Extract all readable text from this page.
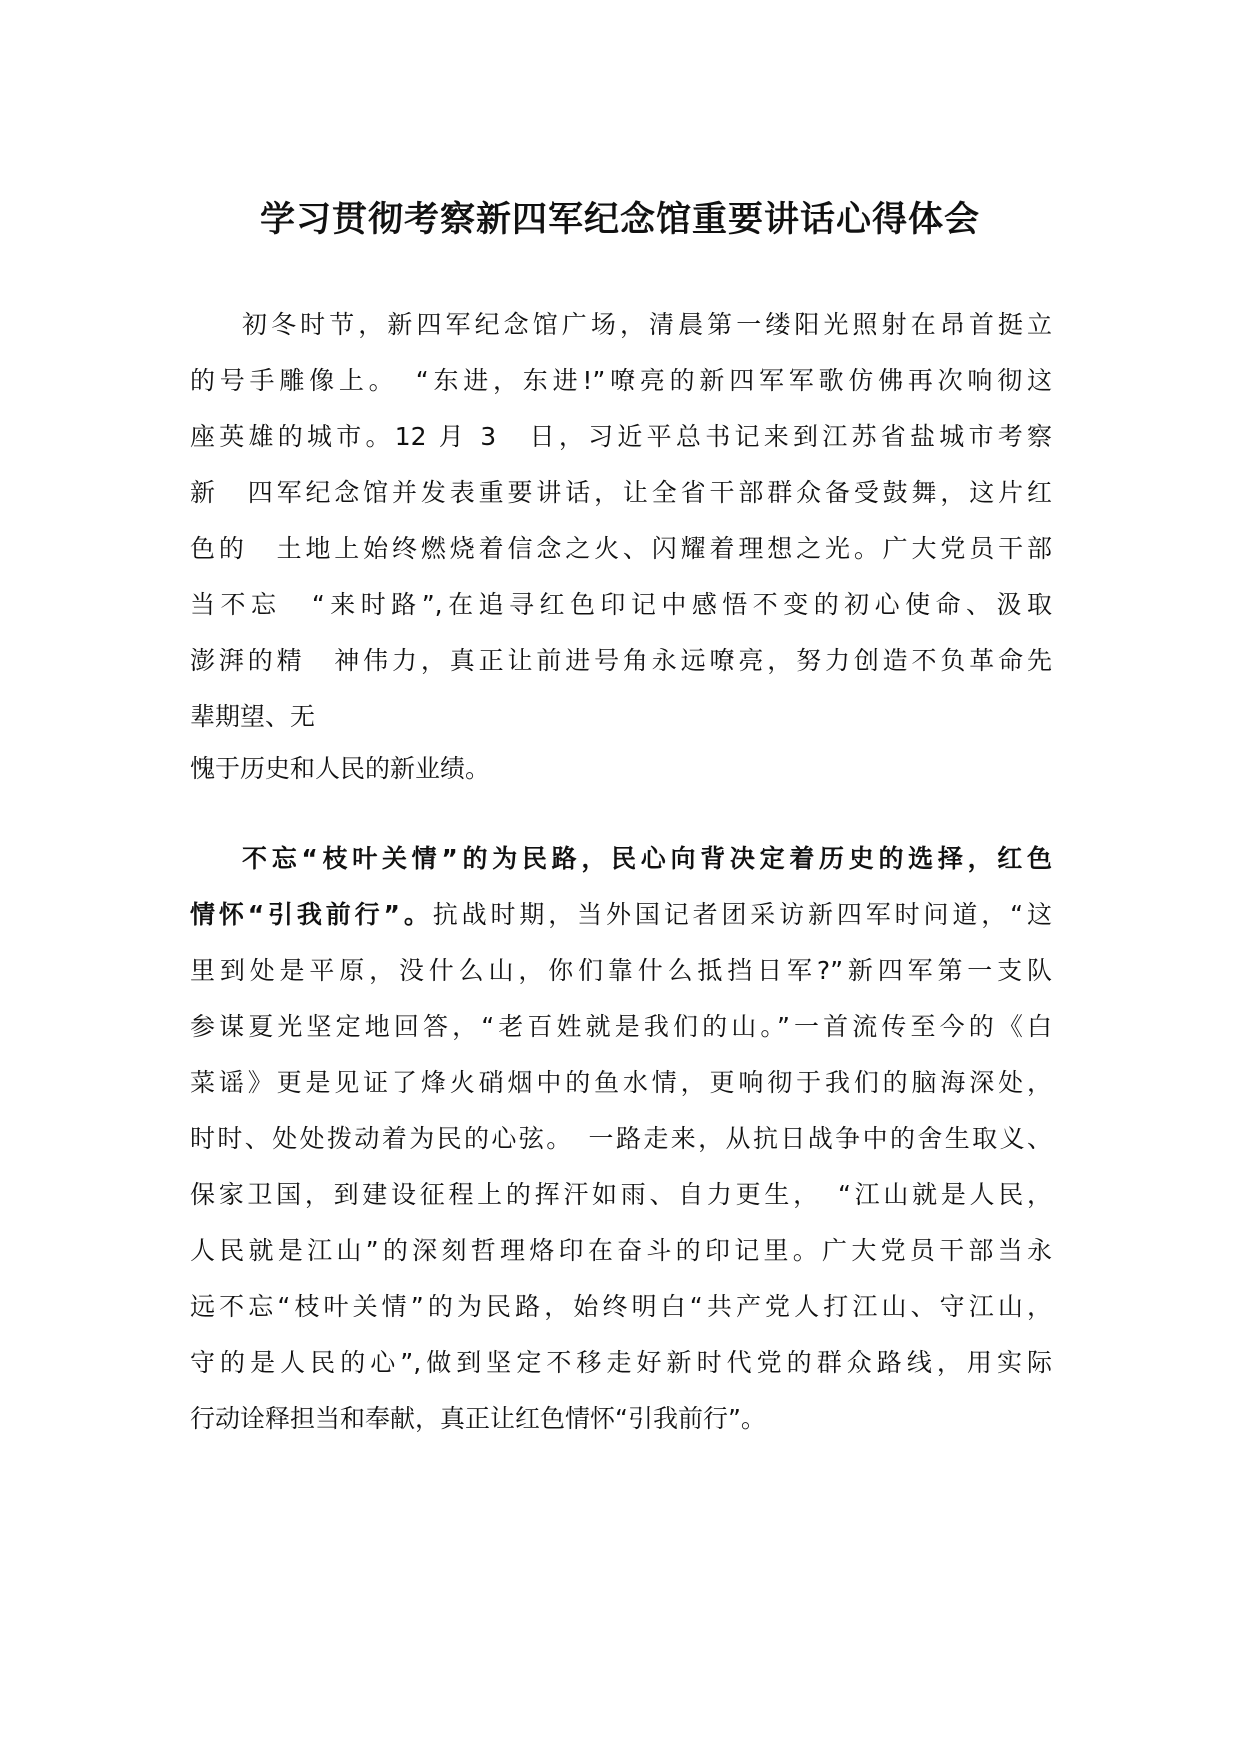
学习贯彻考察新四军纪念馆重要讲话心得体会
初冬时节，新四军纪念馆广场，清晨第一缕阳光照射在昂首挺立
的号手雕像上。　“东进，东进!”嘹亮的新四军军歌仿佛再次响彻这
座英雄的城市。12 月 3　日，习近平总书记来到江苏省盐城市考察
新　四军纪念馆并发表重要讲话，让全省干部群众备受鼓舞，这片红
色的　土地上始终燃烧着信念之火、闪耀着理想之光。广大党员干部
当不忘　“来时路”,在追寻红色印记中感悟不变的初心使命、汲取
澎湃的精　神伟力，真正让前进号角永远嘹亮，努力创造不负革命先
辈期望、无
愧于历史和人民的新业绩。
不忘“枝叶关情”的为民路，民心向背决定着历史的选择，红色
情怀“引我前行”。抗战时期，当外国记者团采访新四军时问道，“这
里到处是平原，没什么山，你们靠什么抵挡日军?”新四军第一支队
参谋夏光坚定地回答，“老百姓就是我们的山。”一首流传至今的《白
菜谣》更是见证了烽火硝烟中的鱼水情，更响彻于我们的脑海深处，
时时、处处拨动着为民的心弦。　一路走来，从抗日战争中的舍生取义、
保家卫国，到建设征程上的挥汗如雨、自力更生，　“江山就是人民，
人民就是江山”的深刻哲理烙印在奋斗的印记里。广大党员干部当永
远不忘“枝叶关情”的为民路，始终明白“共产党人打江山、守江山，
守的是人民的心”,做到坚定不移走好新时代党的群众路线，用实际
行动诠释担当和奉献，真正让红色情怀“引我前行”。
